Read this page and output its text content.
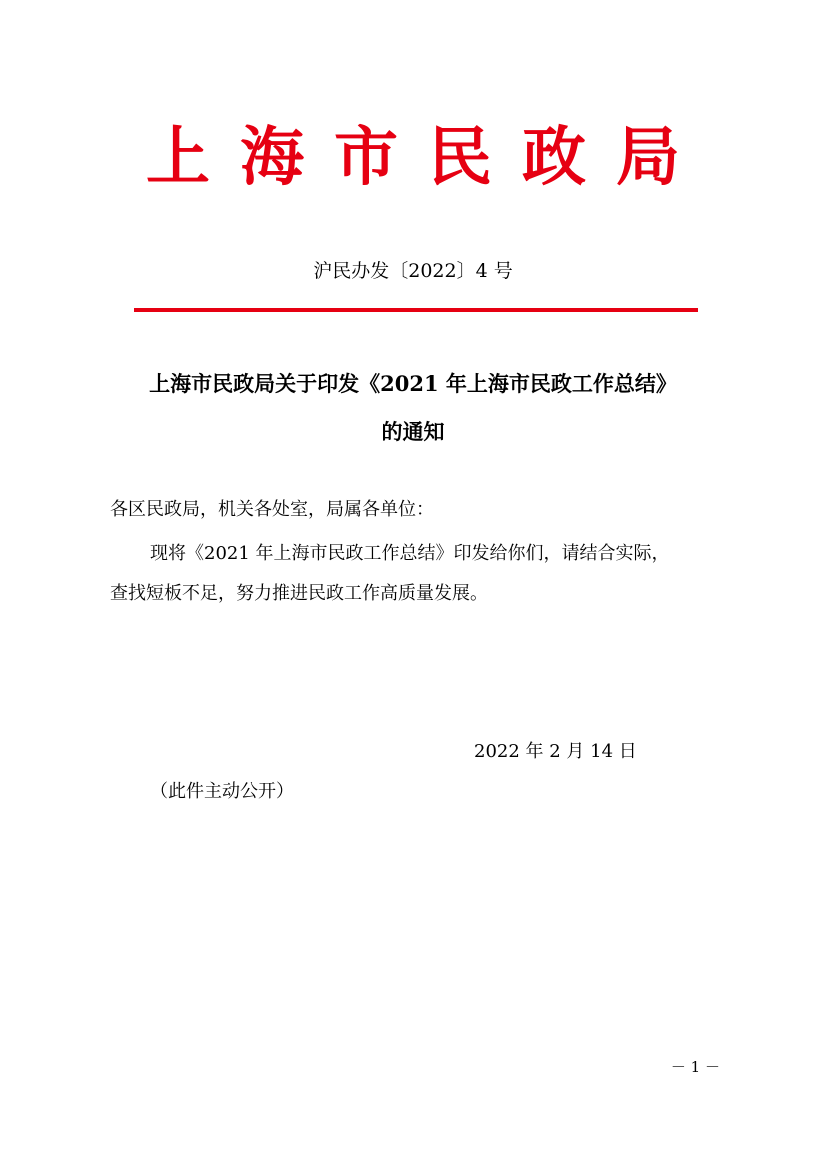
上海市民政局
沪民办发〔2022〕4 号
上海市民政局关于印发《2021 年上海市民政工作总结》
的通知
各区民政局，机关各处室，局属各单位：
现将《2021 年上海市民政工作总结》印发给你们，请结合实际，
查找短板不足，努力推进民政工作高质量发展。
2022 年 2 月 14 日
（此件主动公开）
－ 1 －
